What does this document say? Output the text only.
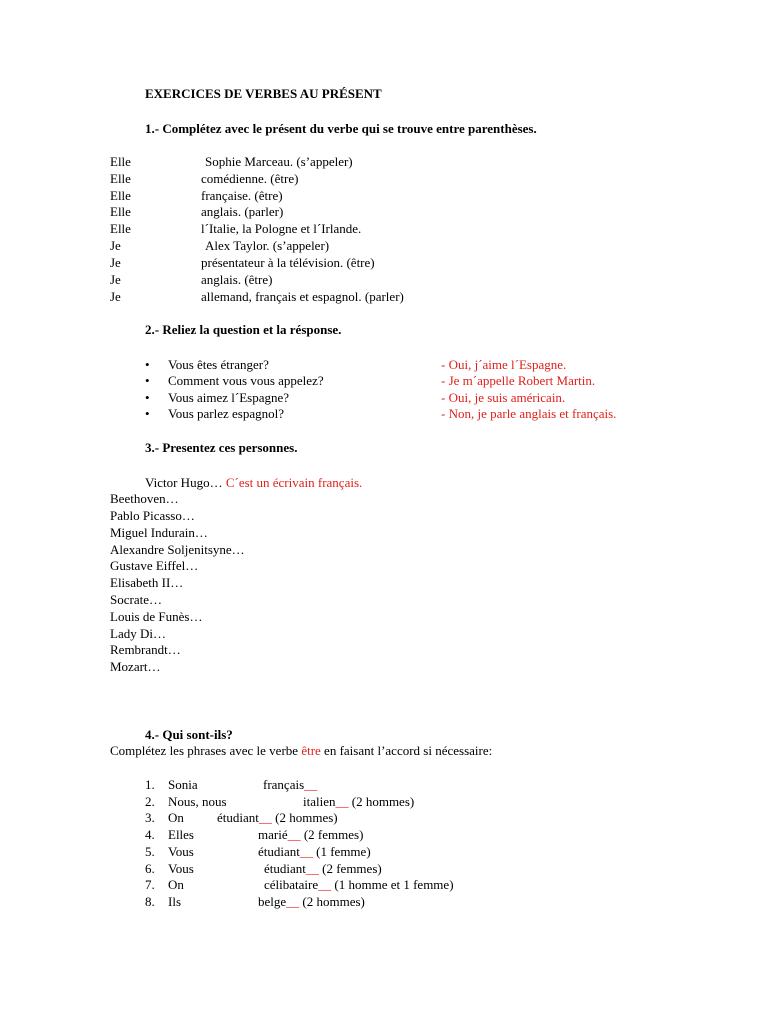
EXERCICES DE VERBES AU PRÉSENT
1.- Complétez avec le présent du verbe qui se trouve entre parenthèses.
Elle	Sophie Marceau. (s’appeler)
Elle	comédienne. (être)
Elle	française. (être)
Elle	anglais. (parler)
Elle	l´Italie, la Pologne et l´Irlande.
Je	Alex Taylor. (s’appeler)
Je	présentateur à la télévision. (être)
Je	anglais. (être)
Je	allemand, français et espagnol. (parler)
2.- Reliez la question et la résponse.
• Vous êtes étranger?	- Oui, j´aime l´Espagne.
• Comment vous vous appelez?	- Je m´appelle Robert Martin.
• Vous aimez l´Espagne?	- Oui, je suis américain.
• Vous parlez espagnol?	- Non, je parle anglais et français.
3.- Presentez ces personnes.
Victor Hugo… C´est un écrivain français.
Beethoven…
Pablo Picasso…
Miguel Indurain…
Alexandre Soljenitsyne…
Gustave Eiffel…
Elisabeth II…
Socrate…
Louis de Funès…
Lady Di…
Rembrandt…
Mozart…
4.- Qui sont-ils?
Complétez les phrases avec le verbe être en faisant l’accord si nécessaire:
1. Sonia	français__
2. Nous, nous	italien__ (2 hommes)
3. On	étudiant__ (2 hommes)
4. Elles	marié__ (2 femmes)
5. Vous	étudiant__ (1 femme)
6. Vous	étudiant__ (2 femmes)
7. On	célibataire__ (1 homme et 1 femme)
8. Ils	belge__ (2 hommes)
